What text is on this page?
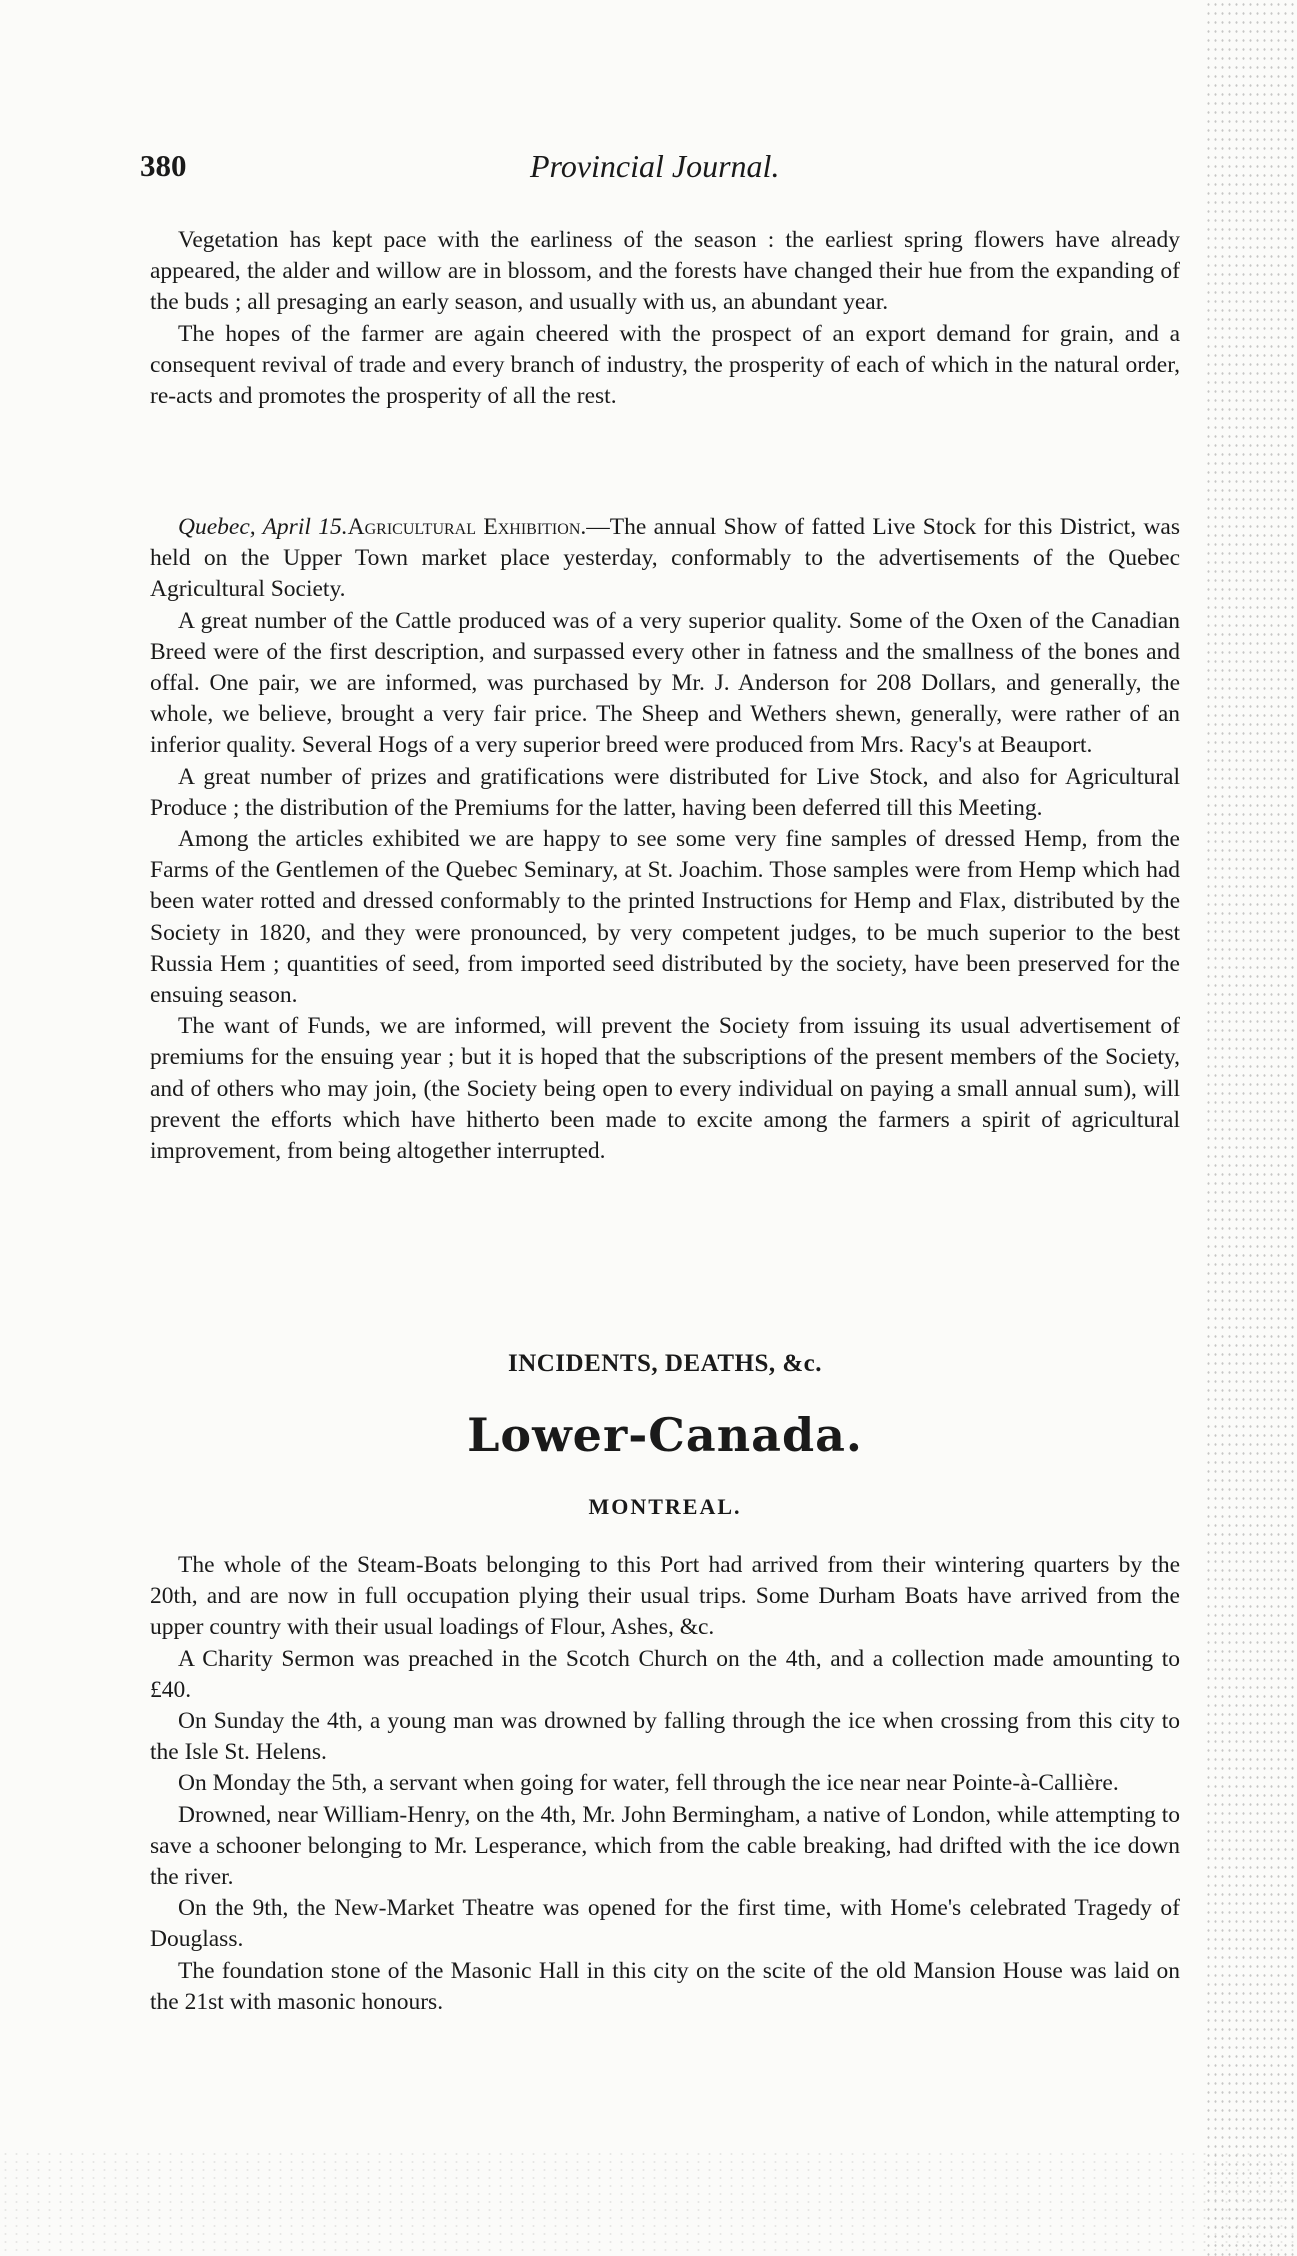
380	Provincial Journal.

Vegetation has kept pace with the earliness of the season : the earliest spring flowers have already appeared, the alder and willow are in blossom, and the forests have changed their hue from the expanding of the buds ; all presaging an early season, and usually with us, an abundant year.

The hopes of the farmer are again cheered with the prospect of an export demand for grain, and a consequent revival of trade and every branch of industry, the prosperity of each of which in the natural order, re-acts and promotes the prosperity of all the rest.

Quebec, April 15.Agricultural Exhibition.—The annual Show of fatted Live Stock for this District, was held on the Upper Town market place yesterday, conformably to the advertisements of the Quebec Agricultural Society.

A great number of the Cattle produced was of a very superior quality. Some of the Oxen of the Canadian Breed were of the first description, and surpassed every other in fatness and the smallness of the bones and offal. One pair, we are informed, was purchased by Mr. J. Anderson for 208 Dollars, and generally, the whole, we believe, brought a very fair price. The Sheep and Wethers shewn, generally, were rather of an inferior quality. Several Hogs of a very superior breed were produced from Mrs. Racy's at Beauport.

A great number of prizes and gratifications were distributed for Live Stock, and also for Agricultural Produce ; the distribution of the Premiums for the latter, having been deferred till this Meeting.

Among the articles exhibited we are happy to see some very fine samples of dressed Hemp, from the Farms of the Gentlemen of the Quebec Seminary, at St. Joachim. Those samples were from Hemp which had been water rotted and dressed conformably to the printed Instructions for Hemp and Flax, distributed by the Society in 1820, and they were pronounced, by very competent judges, to be much superior to the best Russia Hem ; quantities of seed, from imported seed distributed by the society, have been preserved for the ensuing season.

The want of Funds, we are informed, will prevent the Society from issuing its usual advertisement of premiums for the ensuing year ; but it is hoped that the subscriptions of the present members of the Society, and of others who may join, (the Society being open to every individual on paying a small annual sum), will prevent the efforts which have hitherto been made to excite among the farmers a spirit of agricultural improvement, from being altogether interrupted.

INCIDENTS, DEATHS, &c.
Lower-Canada.
MONTREAL.

The whole of the Steam-Boats belonging to this Port had arrived from their wintering quarters by the 20th, and are now in full occupation plying their usual trips. Some Durham Boats have arrived from the upper country with their usual loadings of Flour, Ashes, &c.

A Charity Sermon was preached in the Scotch Church on the 4th, and a collection made amounting to £40.

On Sunday the 4th, a young man was drowned by falling through the ice when crossing from this city to the Isle St. Helens.

On Monday the 5th, a servant when going for water, fell through the ice near near Pointe-à-Callière.

Drowned, near William-Henry, on the 4th, Mr. John Bermingham, a native of London, while attempting to save a schooner belonging to Mr. Lesperance, which from the cable breaking, had drifted with the ice down the river.

On the 9th, the New-Market Theatre was opened for the first time, with Home's celebrated Tragedy of Douglass.

The foundation stone of the Masonic Hall in this city on the scite of the old Mansion House was laid on the 21st with masonic honours.
